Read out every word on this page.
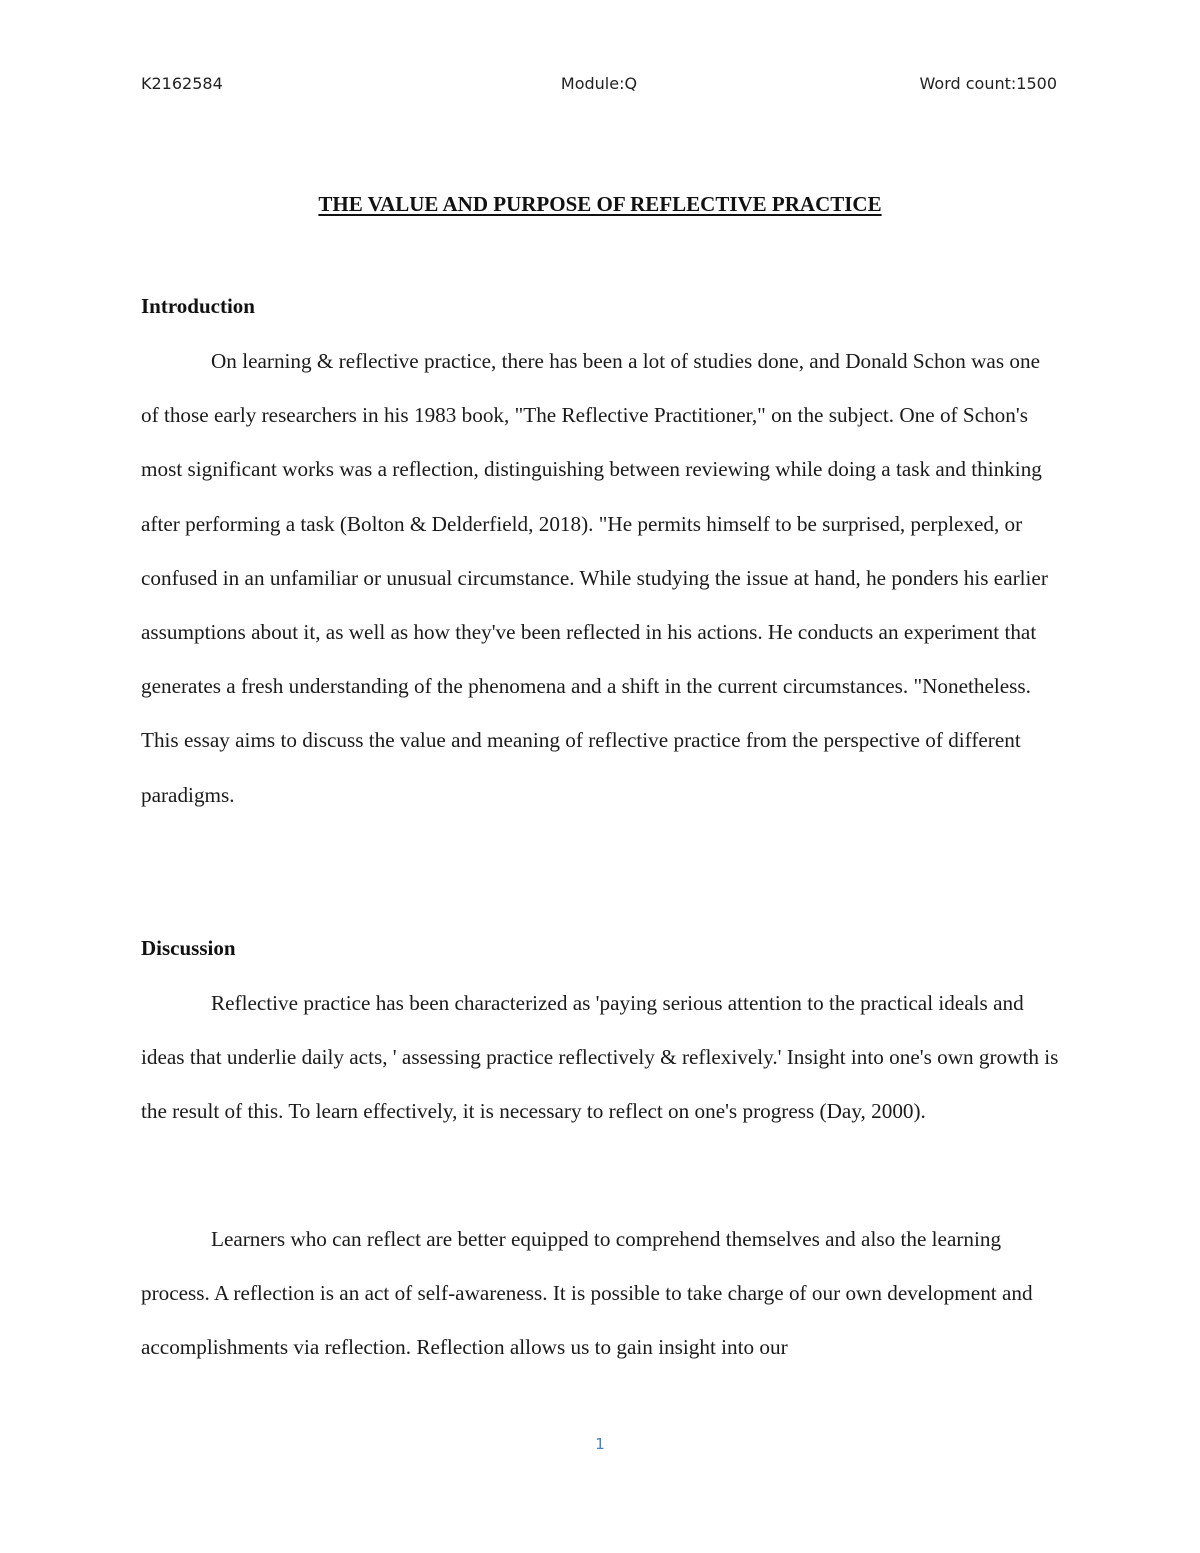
K2162584	Module:Q	Word count:1500
THE VALUE AND PURPOSE OF REFLECTIVE PRACTICE
Introduction

On learning & reflective practice, there has been a lot of studies done, and Donald Schon was one of those early researchers in his 1983 book, "The Reflective Practitioner," on the subject. One of Schon's most significant works was a reflection, distinguishing between reviewing while doing a task and thinking after performing a task (Bolton & Delderfield, 2018). "He permits himself to be surprised, perplexed, or confused in an unfamiliar or unusual circumstance. While studying the issue at hand, he ponders his earlier assumptions about it, as well as how they've been reflected in his actions. He conducts an experiment that generates a fresh understanding of the phenomena and a shift in the current circumstances. "Nonetheless. This essay aims to discuss the value and meaning of reflective practice from the perspective of different paradigms.

Discussion

Reflective practice has been characterized as 'paying serious attention to the practical ideals and ideas that underlie daily acts, ' assessing practice reflectively & reflexively.' Insight into one's own growth is the result of this. To learn effectively, it is necessary to reflect on one's progress (Day, 2000).

Learners who can reflect are better equipped to comprehend themselves and also the learning process. A reflection is an act of self-awareness. It is possible to take charge of our own development and accomplishments via reflection. Reflection allows us to gain insight into our

1
